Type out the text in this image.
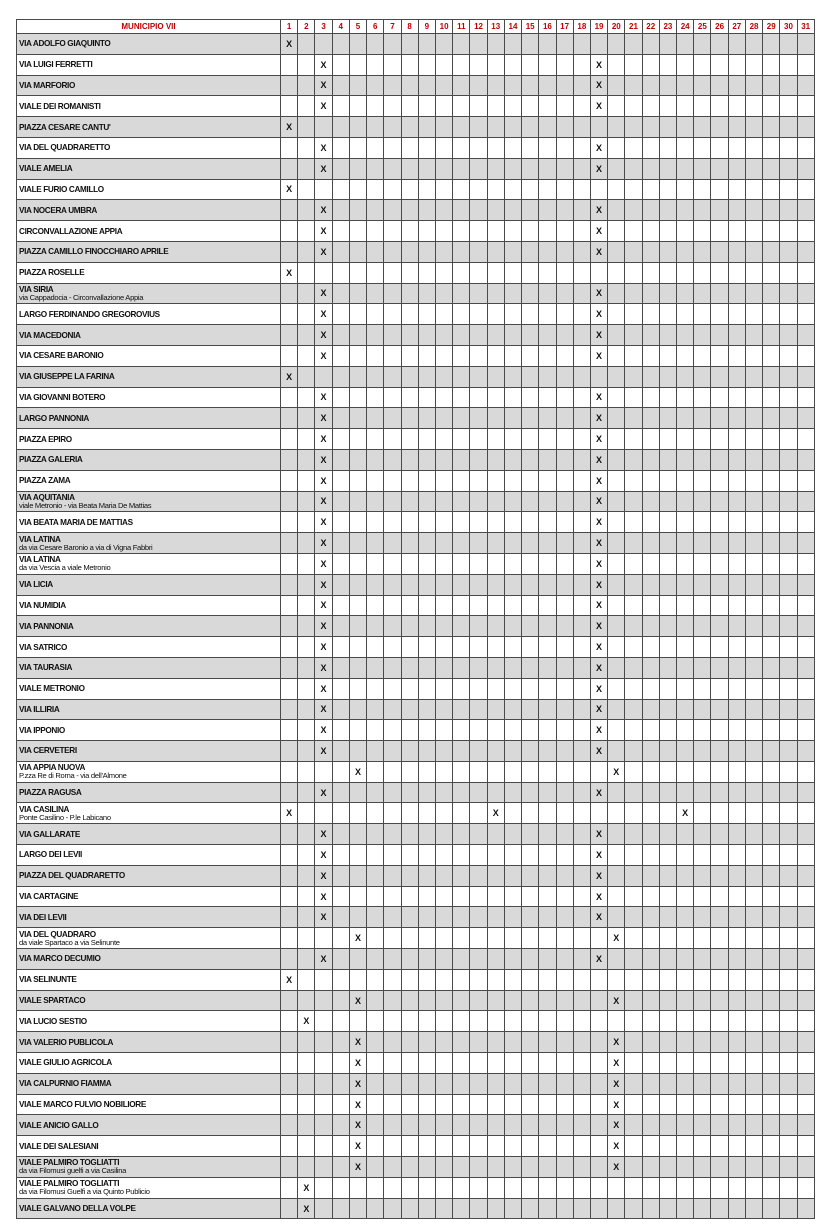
MUNICIPIO VII	1	2	3	4	5	6	7	8	9	10	11	12	13	14	15	16	17	18	19	20	21	22	23	24	25	26	27	28	29	30	31
VIA ADOLFO GIAQUINTO	X																														
VIA LUIGI FERRETTI			X																X												
VIA MARFORIO			X																X												
VIALE DEI ROMANISTI			X																X												
PIAZZA CESARE CANTU'	X																														
VIA DEL QUADRARETTO			X																X												
VIALE AMELIA			X																X												
VIALE FURIO CAMILLO	X																														
VIA NOCERA UMBRA			X																X												
CIRCONVALLAZIONE APPIA			X																X												
PIAZZA CAMILLO FINOCCHIARO APRILE			X																X												
PIAZZA ROSELLE	X																														
VIA SIRIA
via Cappadocia - Circonvallazione Appia			X																X												
LARGO FERDINANDO GREGOROVIUS			X																X												
VIA MACEDONIA			X																X												
VIA CESARE BARONIO			X																X												
VIA GIUSEPPE LA FARINA	X																														
VIA GIOVANNI BOTERO			X																X												
LARGO PANNONIA			X																X												
PIAZZA EPIRO			X																X												
PIAZZA GALERIA			X																X												
PIAZZA ZAMA			X																X												
VIA AQUITANIA
viale Metronio - via Beata Maria De Mattias			X																X												
VIA BEATA MARIA DE MATTIAS			X																X												
VIA LATINA
da via Cesare Baronio a via di Vigna Fabbri			X																X												
VIA LATINA
da via Vescia a viale Metronio			X																X												
VIA LICIA			X																X												
VIA NUMIDIA			X																X												
VIA PANNONIA			X																X												
VIA SATRICO			X																X												
VIA TAURASIA			X																X												
VIALE METRONIO			X																X												
VIA ILLIRIA			X																X												
VIA IPPONIO			X																X												
VIA CERVETERI			X																X												
VIA APPIA NUOVA
P.zza Re di Roma - via dell'Almone					X															X											
PIAZZA RAGUSA			X																X												
VIA CASILINA
Ponte Casilino - P.le Labicano	X												X											X							
VIA GALLARATE			X																X												
LARGO DEI LEVII			X																X												
PIAZZA DEL QUADRARETTO			X																X												
VIA CARTAGINE			X																X												
VIA DEI LEVII			X																X												
VIA DEL QUADRARO
da viale Spartaco a via Selinunte					X															X											
VIA MARCO DECUMIO			X																X												
VIA SELINUNTE	X																														
VIALE SPARTACO					X															X											
VIA LUCIO SESTIO		X																													
VIA VALERIO PUBLICOLA					X															X											
VIALE GIULIO AGRICOLA					X															X											
VIA CALPURNIO FIAMMA					X															X											
VIALE MARCO FULVIO NOBILIORE					X															X											
VIALE ANICIO GALLO					X															X											
VIALE DEI SALESIANI					X															X											
VIALE PALMIRO TOGLIATTI
da via Filomusi guelfi a via Casilina					X															X											
VIALE PALMIRO TOGLIATTI
da via Filomusi Guelfi a via Quinto Publicio		X																													
VIALE GALVANO DELLA VOLPE		X																													
